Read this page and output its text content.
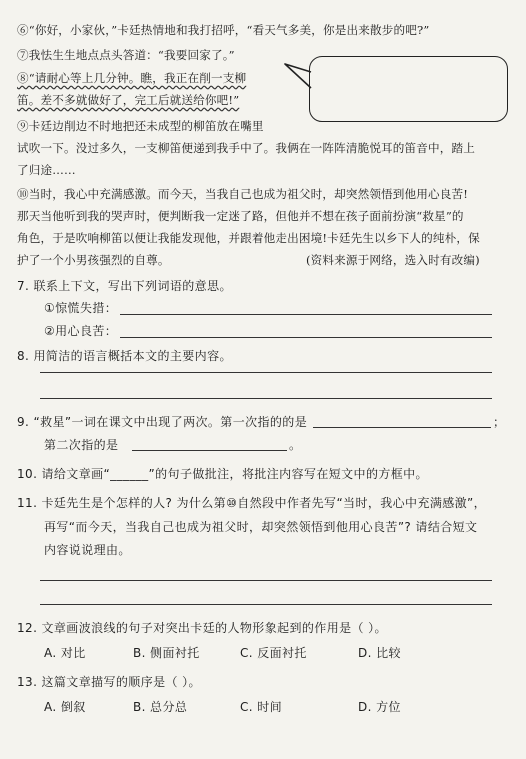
⑥“你好，小家伙，”卡廷热情地和我打招呼，“看天气多美，你是出来散步的吧?”
⑦我怯生生地点点头答道：“我要回家了。”
⑧“请耐心等上几分钟。瞧，我正在削一支柳
笛。差不多就做好了，完工后就送给你吧!”
⑨卡廷边削边不时地把还未成型的柳笛放在嘴里
试吹一下。没过多久，一支柳笛便递到我手中了。我俩在一阵阵清脆悦耳的笛音中，踏上
了归途……
⑩当时，我心中充满感激。而今天，当我自己也成为祖父时，却突然领悟到他用心良苦!
那天当他听到我的哭声时，便判断我一定迷了路，但他并不想在孩子面前扮演“救星”的
角色，于是吹响柳笛以便让我能发现他，并跟着他走出困境!卡廷先生以乡下人的纯朴，保
护了一个小男孩强烈的自尊。	(资料来源于网络，选入时有改编)
7. 联系上下文，写出下列词语的意思。
①惊慌失措：
②用心良苦：
8. 用简洁的语言概括本文的主要内容。
9. “救星”一词在课文中出现了两次。第一次指的的是	；
第二次指的是	。
10. 请给文章画“______”的句子做批注，将批注内容写在短文中的方框中。
11. 卡廷先生是个怎样的人? 为什么第⑩自然段中作者先写“当时，我心中充满感激”，
再写“而今天，当我自己也成为祖父时，却突然领悟到他用心良苦”? 请结合短文
内容说说理由。
12. 文章画波浪线的句子对突出卡廷的人物形象起到的作用是（ ）。
A. 对比	B. 侧面衬托	C. 反面衬托	D. 比较
13. 这篇文章描写的顺序是（ ）。
A. 倒叙	B. 总分总	C. 时间	D. 方位
